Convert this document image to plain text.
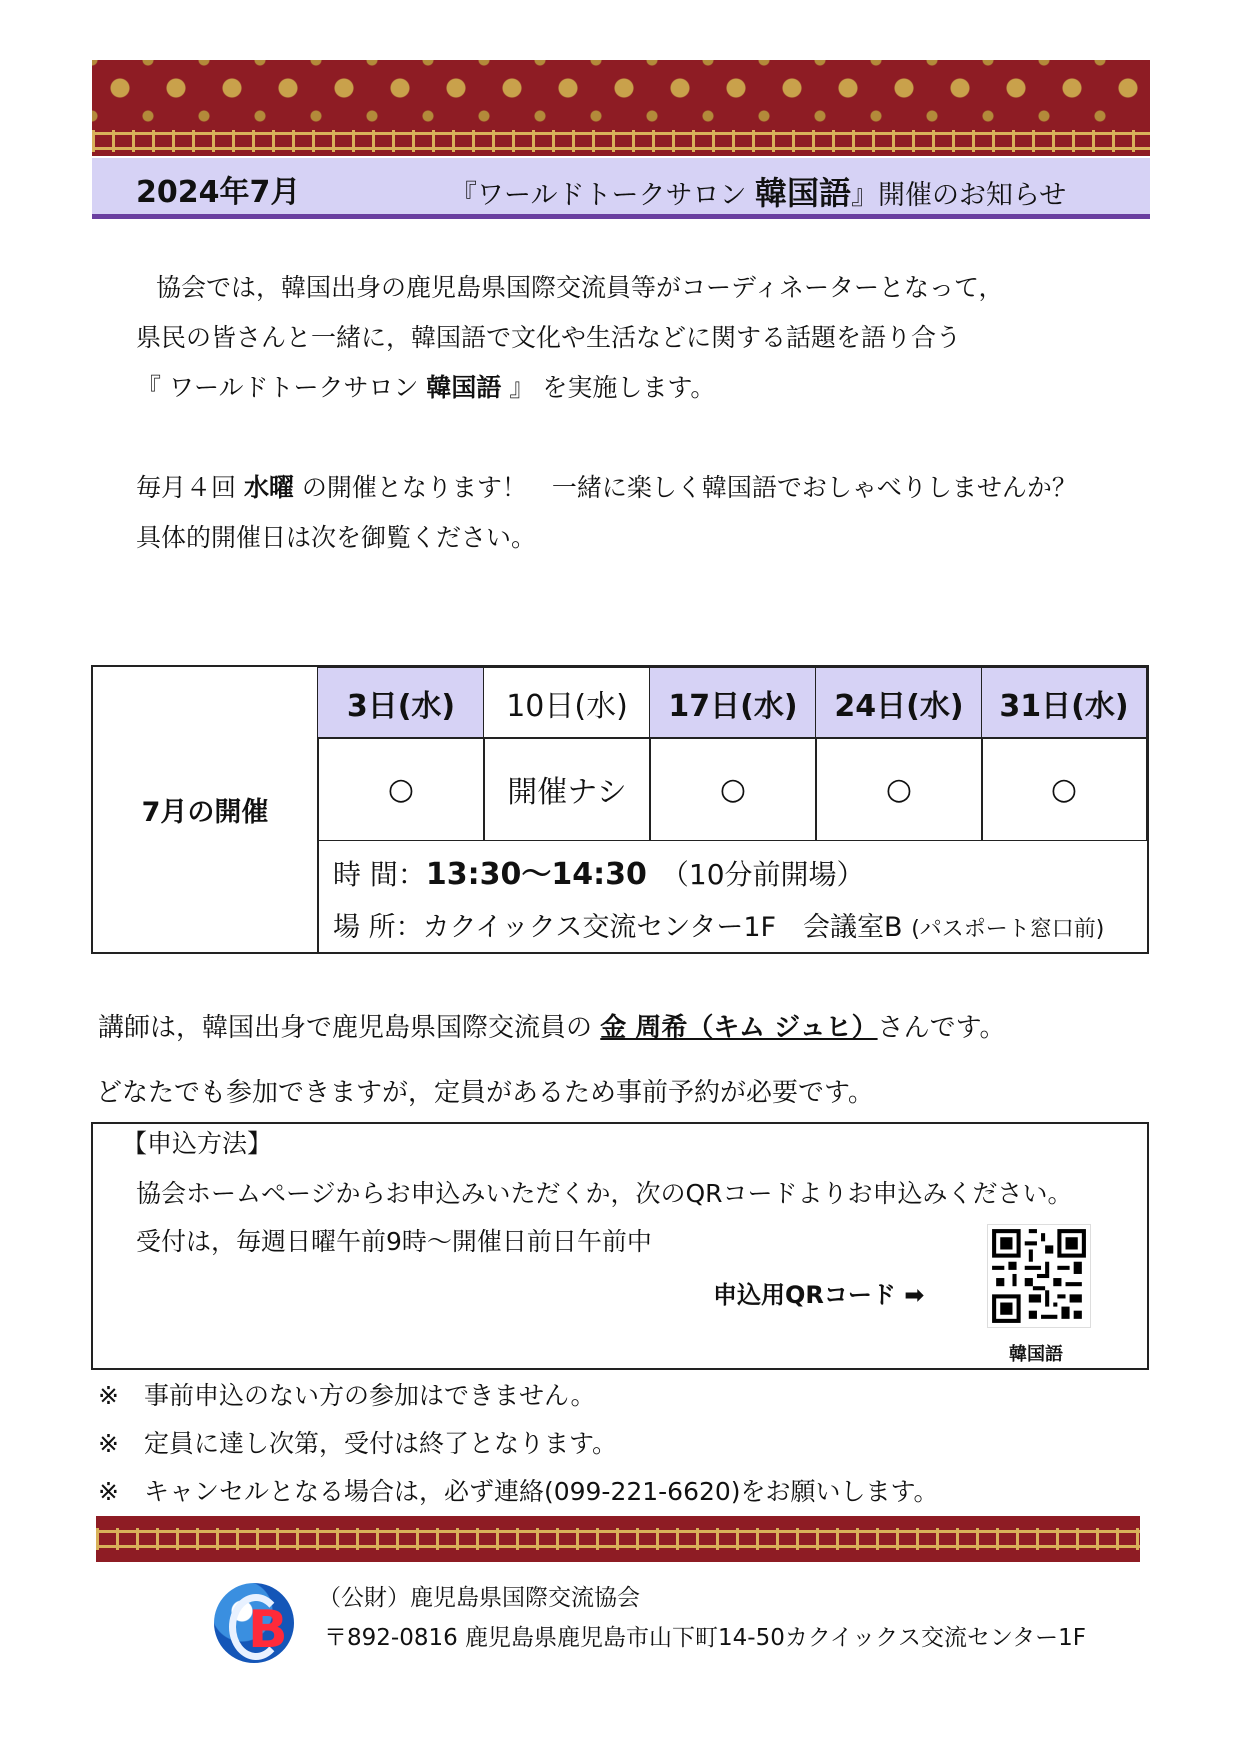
2024年7月	『ワールドトークサロン 韓国語』開催のお知らせ
協会では，韓国出身の鹿児島県国際交流員等がコーディネーターとなって，
県民の皆さんと一緒に，韓国語で文化や生活などに関する話題を語り合う
『 ワールドトークサロン 韓国語 』 を実施します。
毎月４回 水曜 の開催となります！　一緒に楽しく韓国語でおしゃべりしませんか？
具体的開催日は次を御覧ください。
7月の開催
3日(水)	10日(水)	17日(水)	24日(水)	31日(水)
○	開催ナシ	○	○	○
時 間：13:30〜14:30　（10分前開場）
場 所：カクイックス交流センター1F　会議室B (パスポート窓口前)
講師は，韓国出身で鹿児島県国際交流員の 金 周希（キム ジュヒ）さんです。
どなたでも参加できますが，定員があるため事前予約が必要です。
【申込方法】
協会ホームページからお申込みいただくか，次のQRコードよりお申込みください。
受付は，毎週日曜午前9時〜開催日前日午前中
申込用QRコード ➡
韓国語
※　事前申込のない方の参加はできません。
※　定員に達し次第，受付は終了となります。
※　キャンセルとなる場合は，必ず連絡(099-221-6620)をお願いします。
B
（公財）鹿児島県国際交流協会
〒892-0816 鹿児島県鹿児島市山下町14-50カクイックス交流センター1F
